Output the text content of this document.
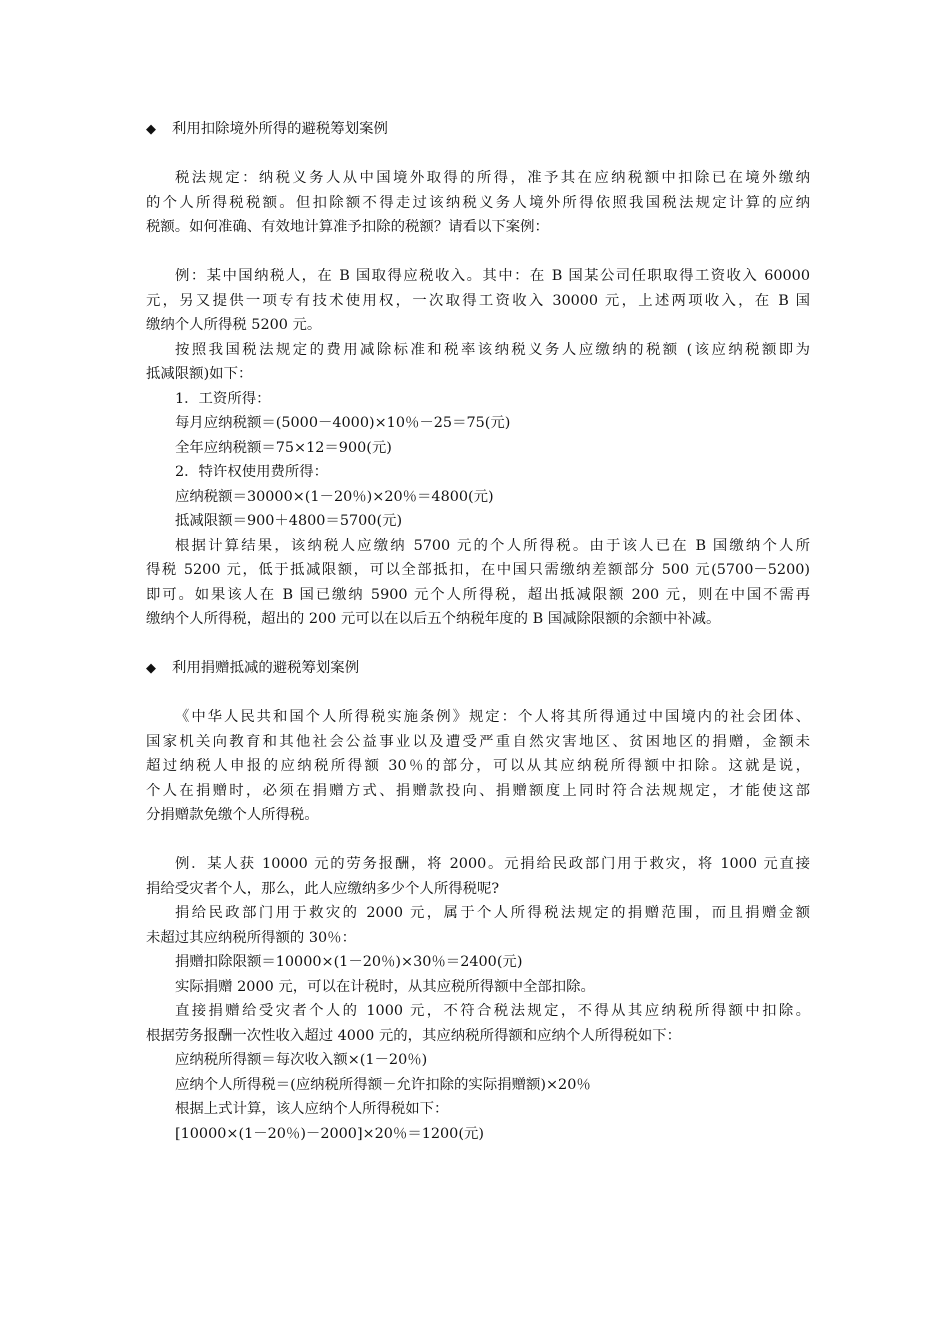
◆ 利用扣除境外所得的避税筹划案例
税法规定：纳税义务人从中国境外取得的所得，准予其在应纳税额中扣除已在境外缴纳
的个人所得税税额。但扣除额不得走过该纳税义务人境外所得依照我国税法规定计算的应纳
税额。如何准确、有效地计算准予扣除的税额？请看以下案例：
例：某中国纳税人，在 B 国取得应税收入。其中：在 B 国某公司任职取得工资收入 60000
元，另又提供一项专有技术使用权，一次取得工资收入 30000 元，上述两项收入，在 B 国
缴纳个人所得税 5200 元。
按照我国税法规定的费用减除标准和税率该纳税义务人应缴纳的税额 (该应纳税额即为
抵减限额)如下：
1．工资所得：
每月应纳税额＝(5000－4000)×10％－25＝75(元)
全年应纳税额＝75×12＝900(元)
2．特许权使用费所得：
应纳税额＝30000×(1－20％)×20％＝4800(元)
抵减限额＝900＋4800＝5700(元)
根据计算结果，该纳税人应缴纳 5700 元的个人所得税。由于该人已在 B 国缴纳个人所
得税 5200 元，低于抵减限额，可以全部抵扣，在中国只需缴纳差额部分 500 元(5700－5200)
即可。如果该人在 B 国已缴纳 5900 元个人所得税，超出抵减限额 200 元，则在中国不需再
缴纳个人所得税，超出的 200 元可以在以后五个纳税年度的 B 国减除限额的余额中补减。
◆ 利用捐赠抵减的避税筹划案例
《中华人民共和国个人所得税实施条例》规定：个人将其所得通过中国境内的社会团体、
国家机关向教育和其他社会公益事业以及遭受严重自然灾害地区、贫困地区的捐赠，金额未
超过纳税人申报的应纳税所得额 30％的部分，可以从其应纳税所得额中扣除。这就是说，
个人在捐赠时，必须在捐赠方式、捐赠款投向、捐赠额度上同时符合法规规定，才能使这部
分捐赠款免缴个人所得税。
例．某人获 10000 元的劳务报酬，将 2000。元捐给民政部门用于救灾，将 1000 元直接
捐给受灾者个人，那么，此人应缴纳多少个人所得税呢?
捐给民政部门用于救灾的 2000 元，属于个人所得税法规定的捐赠范围，而且捐赠金额
未超过其应纳税所得额的 30％：
捐赠扣除限额＝10000×(1－20％)×30％＝2400(元)
实际捐赠 2000 元，可以在计税时，从其应税所得额中全部扣除。
直接捐赠给受灾者个人的 1000 元，不符合税法规定，不得从其应纳税所得额中扣除。
根据劳务报酬一次性收入超过 4000 元的，其应纳税所得额和应纳个人所得税如下：
应纳税所得额＝每次收入额×(1－20％)
应纳个人所得税＝(应纳税所得额－允许扣除的实际捐赠额)×20％
根据上式计算，该人应纳个人所得税如下：
[10000×(1－20％)－2000]×20％＝1200(元)
